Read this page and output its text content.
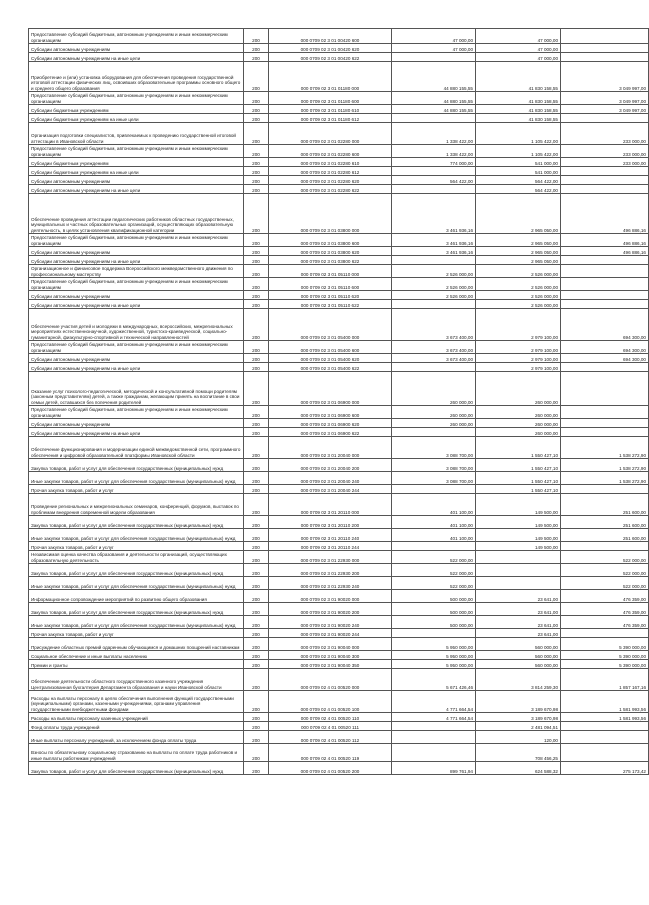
Предоставление субсидий бюджетным, автономным учреждениям и иным некоммерческим организациям	200	000 0709 02 3 01 00420 600	47 000,00	47 000,00	
Субсидии автономным учреждениям	200	000 0709 02 3 01 00420 620	47 000,00	47 000,00	
Субсидии автономным учреждениям на иные цели	200	000 0709 02 3 01 00420 622		47 000,00	
Приобретение и (или) установка оборудования для обеспечения проведения государственной итоговой аттестации физических лиц, освоивших образовательные программы основного общего и среднего общего образования	200	000 0709 02 3 01 01180 000	44 880 155,55	41 830 158,55	3 049 997,00
Предоставление субсидий бюджетным, автономным учреждениям и иным некоммерческим организациям	200	000 0709 02 3 01 01180 600	44 880 155,55	41 830 158,55	3 049 997,00
Субсидии бюджетным учреждениям	200	000 0709 02 3 01 01180 610	44 880 155,55	41 830 158,55	3 049 997,00
Субсидии бюджетным учреждениям на иные цели	200	000 0709 02 3 01 01180 612		41 830 158,55	
Организация подготовки специалистов, привлекаемых к проведению государственной итоговой аттестации в Ивановской области	200	000 0709 02 3 01 02280 000	1 338 422,00	1 105 422,00	233 000,00
Предоставление субсидий бюджетным, автономным учреждениям и иным некоммерческим организациям	200	000 0709 02 3 01 02280 600	1 338 422,00	1 105 422,00	233 000,00
Субсидии бюджетным учреждениям	200	000 0709 02 3 01 02280 610	774 000,00	541 000,00	233 000,00
Субсидии бюджетным учреждениям на иные цели	200	000 0709 02 3 01 02280 612		541 000,00	
Субсидии автономным учреждениям	200	000 0709 02 3 01 02280 620	564 422,00	564 422,00	
Субсидии автономным учреждениям на иные цели	200	000 0709 02 3 01 02280 622		564 422,00	
Обеспечение проведения аттестации педагогических работников областных государственных, муниципальных и частных образовательных организаций, осуществляющих образовательную деятельность, в целях установления квалификационной категории	200	000 0709 02 3 01 03800 000	3 461 936,16	2 965 050,00	496 886,16
Предоставление субсидий бюджетным, автономным учреждениям и иным некоммерческим организациям	200	000 0709 02 3 01 03800 600	3 461 936,16	2 965 050,00	496 886,16
Субсидии автономным учреждениям	200	000 0709 02 3 01 03800 620	3 461 936,16	2 965 050,00	496 886,16
Субсидии автономным учреждениям на иные цели	200	000 0709 02 3 01 03800 622		2 965 050,00	
Организационное и финансовое поддержка Всероссийского межведомственного движения по профессиональному мастерству	200	000 0709 02 3 01 05110 000	2 526 000,00	2 526 000,00	
Предоставление субсидий бюджетным, автономным учреждениям и иным некоммерческим организациям	200	000 0709 02 3 01 05110 600	2 526 000,00	2 526 000,00	
Субсидии автономным учреждениям	200	000 0709 02 3 01 05110 620	2 526 000,00	2 526 000,00	
Субсидии автономным учреждениям на иные цели	200	000 0709 02 3 01 05110 622		2 526 000,00	
Обеспечение участия детей и молодежи в международных, всероссийских, межрегиональных мероприятиях естественнонаучной, художественной, туристско-краеведческой, социально-гуманитарной, физкультурно-спортивной и технической направленностей	200	000 0709 02 3 01 05400 000	3 673 400,00	2 979 100,00	694 300,00
Предоставление субсидий бюджетным, автономным учреждениям и иным некоммерческим организациям	200	000 0709 02 3 01 05400 600	3 673 400,00	2 979 100,00	694 300,00
Субсидии автономным учреждениям	200	000 0709 02 3 01 05400 620	3 673 400,00	2 979 100,00	694 300,00
Субсидии автономным учреждениям на иные цели	200	000 0709 02 3 01 05400 622		2 979 100,00	
Оказание услуг психолого-педагогической, методической и консультативной помощи родителям (законным представителям) детей, а также гражданам, желающим принять на воспитание в свои семьи детей, оставшихся без попечения родителей	200	000 0709 02 3 01 06900 000	260 000,00	260 000,00	
Предоставление субсидий бюджетным, автономным учреждениям и иным некоммерческим организациям	200	000 0709 02 3 01 06900 600	260 000,00	260 000,00	
Субсидии автономным учреждениям	200	000 0709 02 3 01 06900 620	260 000,00	260 000,00	
Субсидии автономным учреждениям на иные цели	200	000 0709 02 3 01 06900 622		260 000,00	
Обеспечение функционирования и модернизации единой межведомственной сети, программного обеспечения и цифровой образовательной платформы Ивановской области	200	000 0709 02 3 01 20040 000	3 088 700,00	1 550 427,10	1 538 272,90
Закупка товаров, работ и услуг для обеспечения государственных (муниципальных) нужд	200	000 0709 02 3 01 20040 200	3 088 700,00	1 550 427,10	1 538 272,90
Иные закупки товаров, работ и услуг для обеспечения государственных (муниципальных) нужд	200	000 0709 02 3 01 20040 240	3 088 700,00	1 550 427,10	1 538 272,90
Прочая закупка товаров, работ и услуг	200	000 0709 02 3 01 20040 244		1 550 427,10	
Проведение региональных и межрегиональных семинаров, конференций, форумов, выставок по проблемам внедрения современной модели образования	200	000 0709 02 3 01 20110 000	401 100,00	149 500,00	251 600,00
Закупка товаров, работ и услуг для обеспечения государственных (муниципальных) нужд	200	000 0709 02 3 01 20110 200	401 100,00	149 500,00	251 600,00
Иные закупки товаров, работ и услуг для обеспечения государственных (муниципальных) нужд	200	000 0709 02 3 01 20110 240	401 100,00	149 500,00	251 600,00
Прочая закупка товаров, работ и услуг	200	000 0709 02 3 01 20110 244		149 500,00	
Независимая оценка качества образования и деятельности организаций, осуществляющих образовательную деятельность	200	000 0709 02 3 01 22930 000	522 000,00		522 000,00
Закупка товаров, работ и услуг для обеспечения государственных (муниципальных) нужд	200	000 0709 02 3 01 22930 200	522 000,00		522 000,00
Иные закупки товаров, работ и услуг для обеспечения государственных (муниципальных) нужд	200	000 0709 02 3 01 22930 240	522 000,00		522 000,00
Информационное сопровождение мероприятий по развитию общего образования	200	000 0709 02 3 01 90020 000	500 000,00	23 641,00	476 359,00
Закупка товаров, работ и услуг для обеспечения государственных (муниципальных) нужд	200	000 0709 02 3 01 90020 200	500 000,00	23 641,00	476 359,00
Иные закупки товаров, работ и услуг для обеспечения государственных (муниципальных) нужд	200	000 0709 02 3 01 90020 240	500 000,00	23 641,00	476 359,00
Прочая закупка товаров, работ и услуг	200	000 0709 02 3 01 90020 244		23 641,00	
Присуждение областных премий одаренным обучающимся и домашних поощрений наставникам	200	000 0709 02 3 01 90040 000	5 950 000,00	560 000,00	5 390 000,00
Социальное обеспечение и иные выплаты населению	200	000 0709 02 3 01 90040 300	5 950 000,00	560 000,00	5 390 000,00
Премии и гранты	200	000 0709 02 3 01 90040 350	5 950 000,00	560 000,00	5 390 000,00
Обеспечение деятельности областного государственного казенного учреждения Централизованная бухгалтерия Департамента образования и науки Ивановской области	200	000 0709 02 4 01 00520 000	5 671 426,46	3 814 259,30	1 857 167,16
Расходы на выплаты персоналу в целях обеспечения выполнения функций государственными (муниципальными) органами, казенными учреждениями, органами управления государственными внебюджетными фондами	200	000 0709 02 4 01 00520 100	4 771 664,54	3 189 670,98	1 581 993,56
Расходы на выплаты персоналу казенных учреждений	200	000 0709 02 4 01 00520 110	4 771 664,54	3 189 670,98	1 581 993,56
Фонд оплаты труда учреждений	200	000 0709 02 4 01 00520 111		2 481 094,51	
Иные выплаты персоналу учреждений, за исключением фонда оплаты труда	200	000 0709 02 4 01 00520 112		120,00	
Взносы по обязательному социальному страхованию на выплаты по оплате труда работников и иные выплаты работникам учреждений	200	000 0709 02 4 01 00520 119		708 456,25	
Закупка товаров, работ и услуг для обеспечения государственных (муниципальных) нужд	200	000 0709 02 4 01 00520 200	899 761,94	624 588,32	275 173,42
